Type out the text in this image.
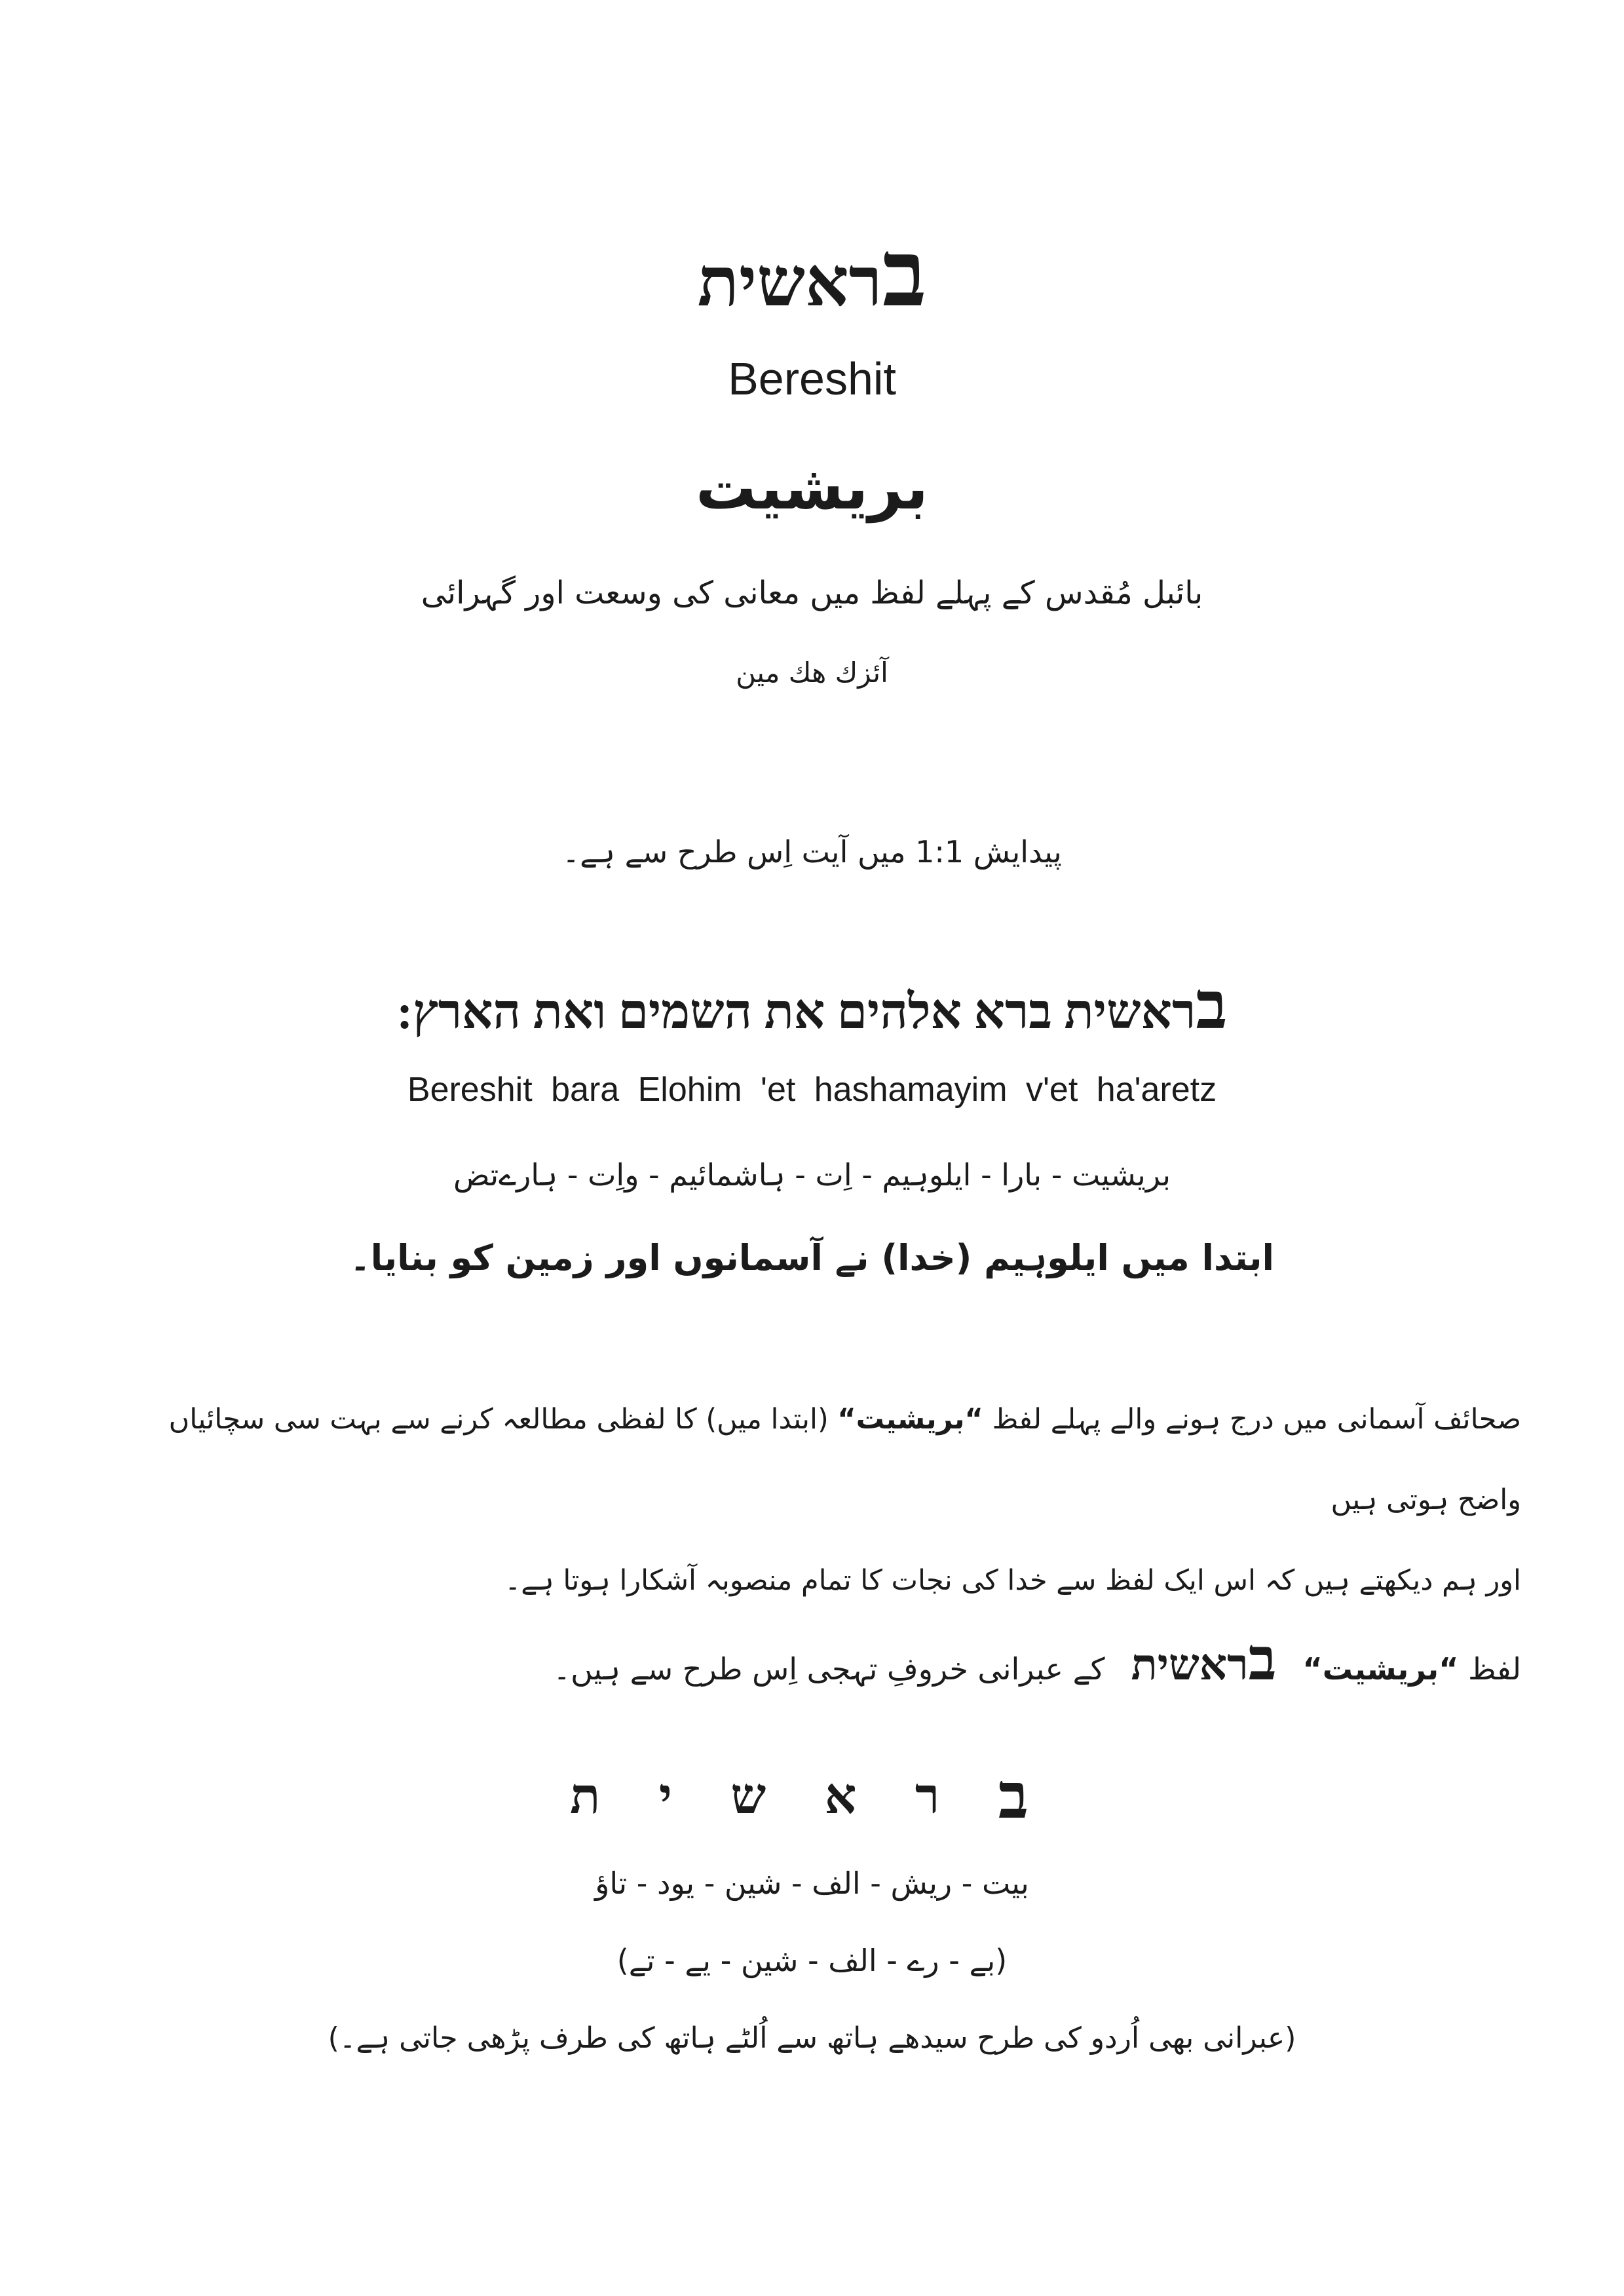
בראשית
Bereshit
بریشیت
بائبل مُقدس کے پہلے لفظ میں معانی کی وسعت اور گہرائی
آئزك هك مين
پیدایش 1:1 میں آیت اِس طرح سے ہے۔
בראשית ברא אלהים את השמים ואת הארץ:
Bereshit bara Elohim 'et hashamayim v'et ha'aretz
بریشیت - بارا - ایلوہیم - اِت - ہاشمائیم - واِت - ہارےتض
ابتدا میں ایلوہیم (خدا) نے آسمانوں اور زمین کو بنایا۔
صحائف آسمانی میں درج ہونے والے پہلے لفظ “بریشیت“ (ابتدا میں) کا لفظی مطالعہ کرنے سے بہت سی سچائیاں واضح ہوتی ہیں
اور ہم دیکھتے ہیں کہ اس ایک لفظ سے خدا کی نجات کا تمام منصوبہ آشکارا ہوتا ہے۔
لفظ “بریشیت“בראשיתکے عبرانی خروفِ تہجی اِس طرح سے ہیں۔
ב
ר
א
ש
י
ת
بیت - ریش - الف - شین - یود - تاؤ
(بے - رے - الف - شین - یے - تے)
(عبرانی بھی اُردو کی طرح سیدھے ہاتھ سے اُلٹے ہاتھ کی طرف پڑھی جاتی ہے۔)
